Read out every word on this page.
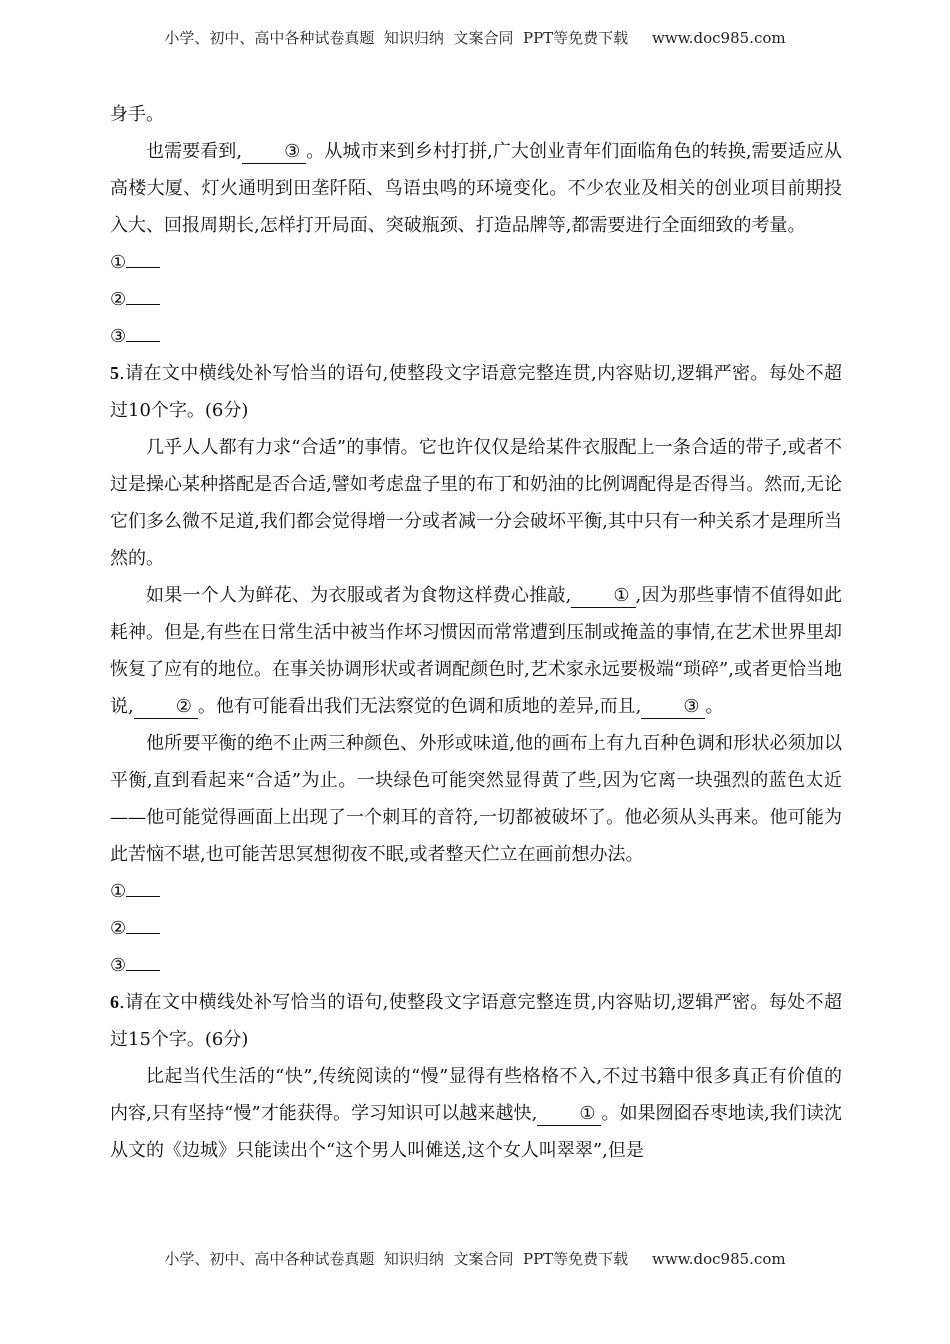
小学、初中、高中各种试卷真题  知识归纳  文案合同  PPT等免费下载     www.doc985.com

身手。

也需要看到, ③ 。从城市来到乡村打拼,广大创业青年们面临角色的转换,需要适应从高楼大厦、灯火通明到田垄阡陌、鸟语虫鸣的环境变化。不少农业及相关的创业项目前期投入大、回报周期长,怎样打开局面、突破瓶颈、打造品牌等,都需要进行全面细致的考量。

①

②

③

5.请在文中横线处补写恰当的语句,使整段文字语意完整连贯,内容贴切,逻辑严密。每处不超过10个字。(6分)

几乎人人都有力求“合适”的事情。它也许仅仅是给某件衣服配上一条合适的带子,或者不过是操心某种搭配是否合适,譬如考虑盘子里的布丁和奶油的比例调配得是否得当。然而,无论它们多么微不足道,我们都会觉得增一分或者减一分会破坏平衡,其中只有一种关系才是理所当然的。

如果一个人为鲜花、为衣服或者为食物这样费心推敲, ① ,因为那些事情不值得如此耗神。但是,有些在日常生活中被当作坏习惯因而常常遭到压制或掩盖的事情,在艺术世界里却恢复了应有的地位。在事关协调形状或者调配颜色时,艺术家永远要极端“琐碎”,或者更恰当地说, ② 。他有可能看出我们无法察觉的色调和质地的差异,而且, ③ 。

他所要平衡的绝不止两三种颜色、外形或味道,他的画布上有九百种色调和形状必须加以平衡,直到看起来“合适”为止。一块绿色可能突然显得黄了些,因为它离一块强烈的蓝色太近——他可能觉得画面上出现了一个刺耳的音符,一切都被破坏了。他必须从头再来。他可能为此苦恼不堪,也可能苦思冥想彻夜不眠,或者整天伫立在画前想办法。

①

②

③

6.请在文中横线处补写恰当的语句,使整段文字语意完整连贯,内容贴切,逻辑严密。每处不超过15个字。(6分)

比起当代生活的“快”,传统阅读的“慢”显得有些格格不入,不过书籍中很多真正有价值的内容,只有坚持“慢”才能获得。学习知识可以越来越快, ① 。如果囫囵吞枣地读,我们读沈从文的《边城》只能读出个“这个男人叫傩送,这个女人叫翠翠”,但是

小学、初中、高中各种试卷真题  知识归纳  文案合同  PPT等免费下载     www.doc985.com
